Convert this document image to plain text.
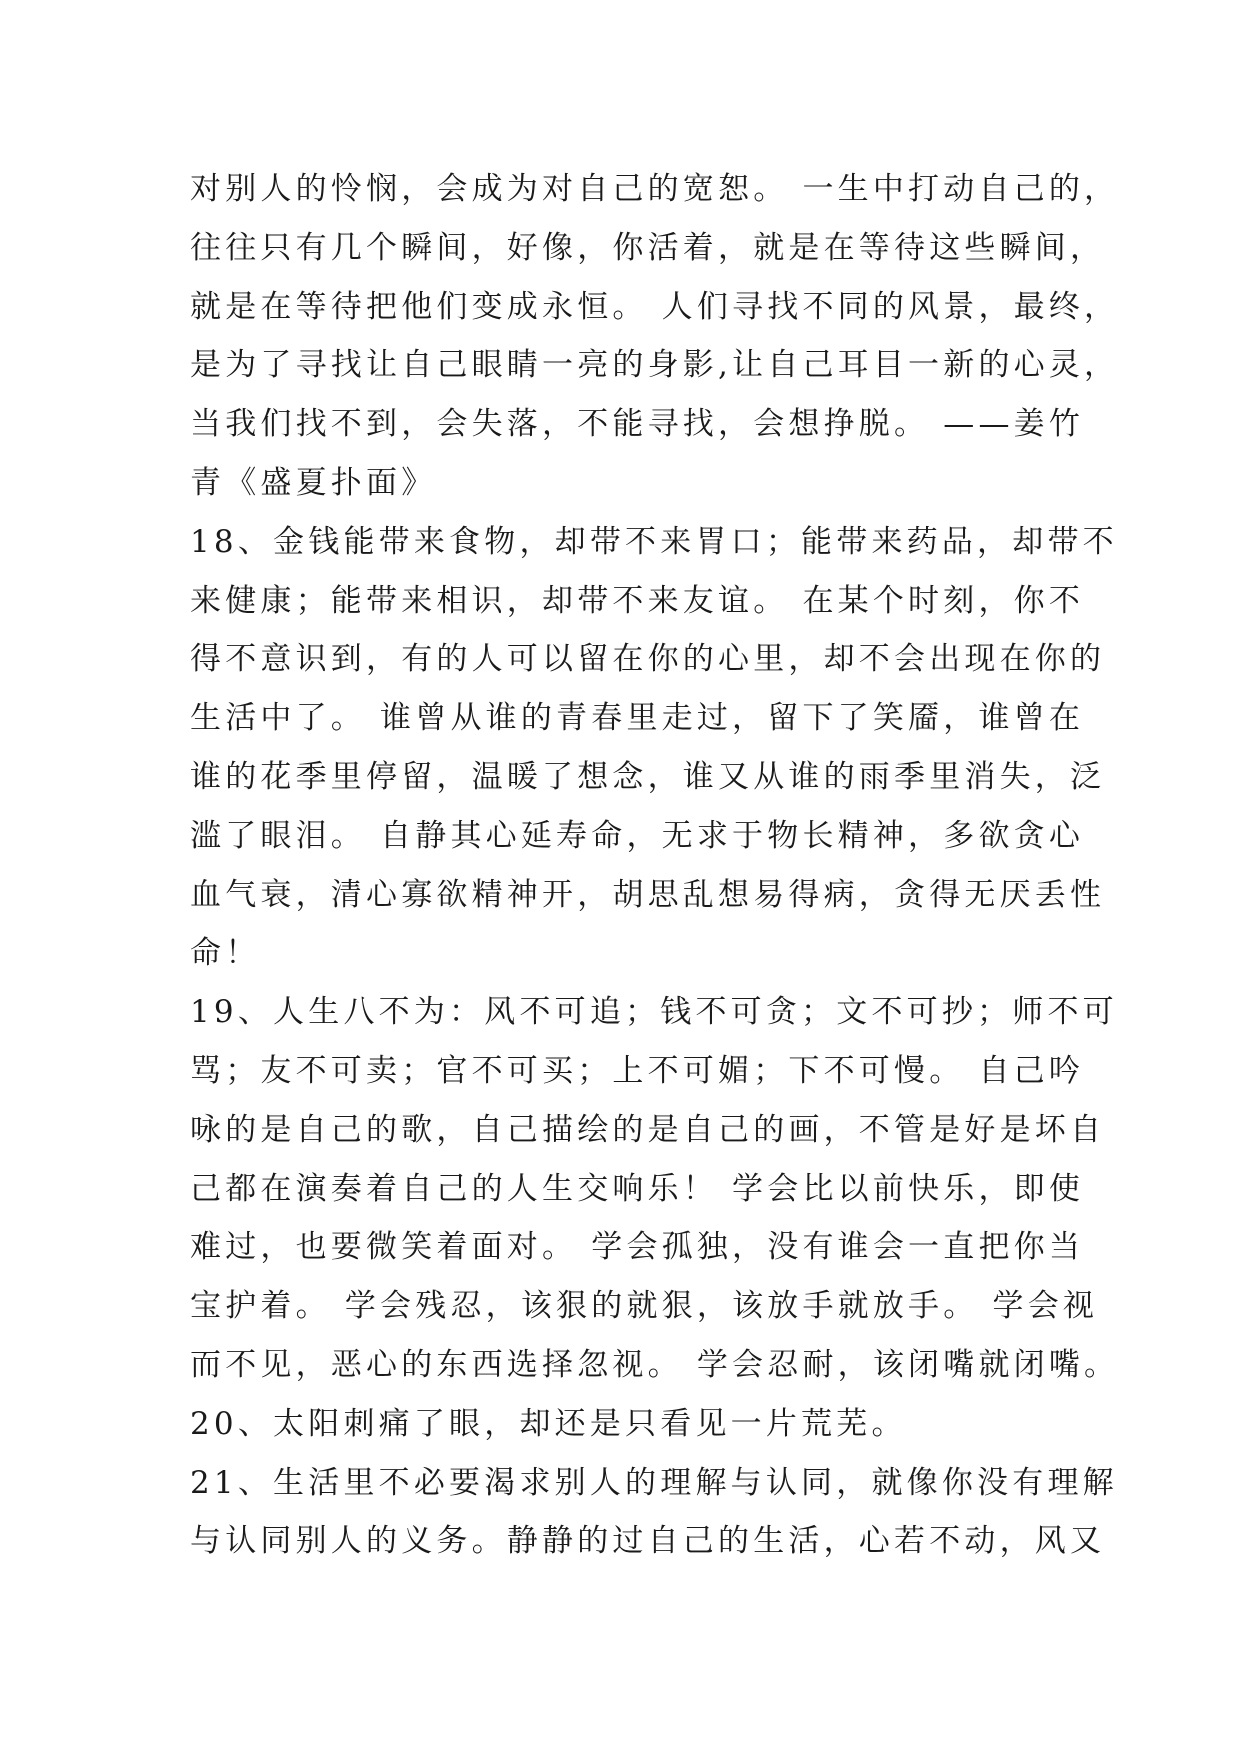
对别人的怜悯，会成为对自己的宽恕。 一生中打动自己的，
往往只有几个瞬间，好像，你活着，就是在等待这些瞬间，
就是在等待把他们变成永恒。 人们寻找不同的风景，最终，
是为了寻找让自己眼睛一亮的身影,让自己耳目一新的心灵，
当我们找不到，会失落，不能寻找，会想挣脱。 ——姜竹
青《盛夏扑面》
18、金钱能带来食物，却带不来胃口；能带来药品，却带不
来健康；能带来相识，却带不来友谊。 在某个时刻，你不
得不意识到，有的人可以留在你的心里，却不会出现在你的
生活中了。 谁曾从谁的青春里走过，留下了笑靥，谁曾在
谁的花季里停留，温暖了想念，谁又从谁的雨季里消失，泛
滥了眼泪。 自静其心延寿命，无求于物长精神，多欲贪心
血气衰，清心寡欲精神开，胡思乱想易得病，贪得无厌丢性
命！
19、人生八不为：风不可追；钱不可贪；文不可抄；师不可
骂；友不可卖；官不可买；上不可媚；下不可慢。 自己吟
咏的是自己的歌，自己描绘的是自己的画，不管是好是坏自
己都在演奏着自己的人生交响乐！ 学会比以前快乐，即使
难过，也要微笑着面对。 学会孤独，没有谁会一直把你当
宝护着。 学会残忍，该狠的就狠，该放手就放手。 学会视
而不见，恶心的东西选择忽视。 学会忍耐，该闭嘴就闭嘴。
20、太阳刺痛了眼，却还是只看见一片荒芜。
21、生活里不必要渴求别人的理解与认同，就像你没有理解
与认同别人的义务。静静的过自己的生活，心若不动，风又
